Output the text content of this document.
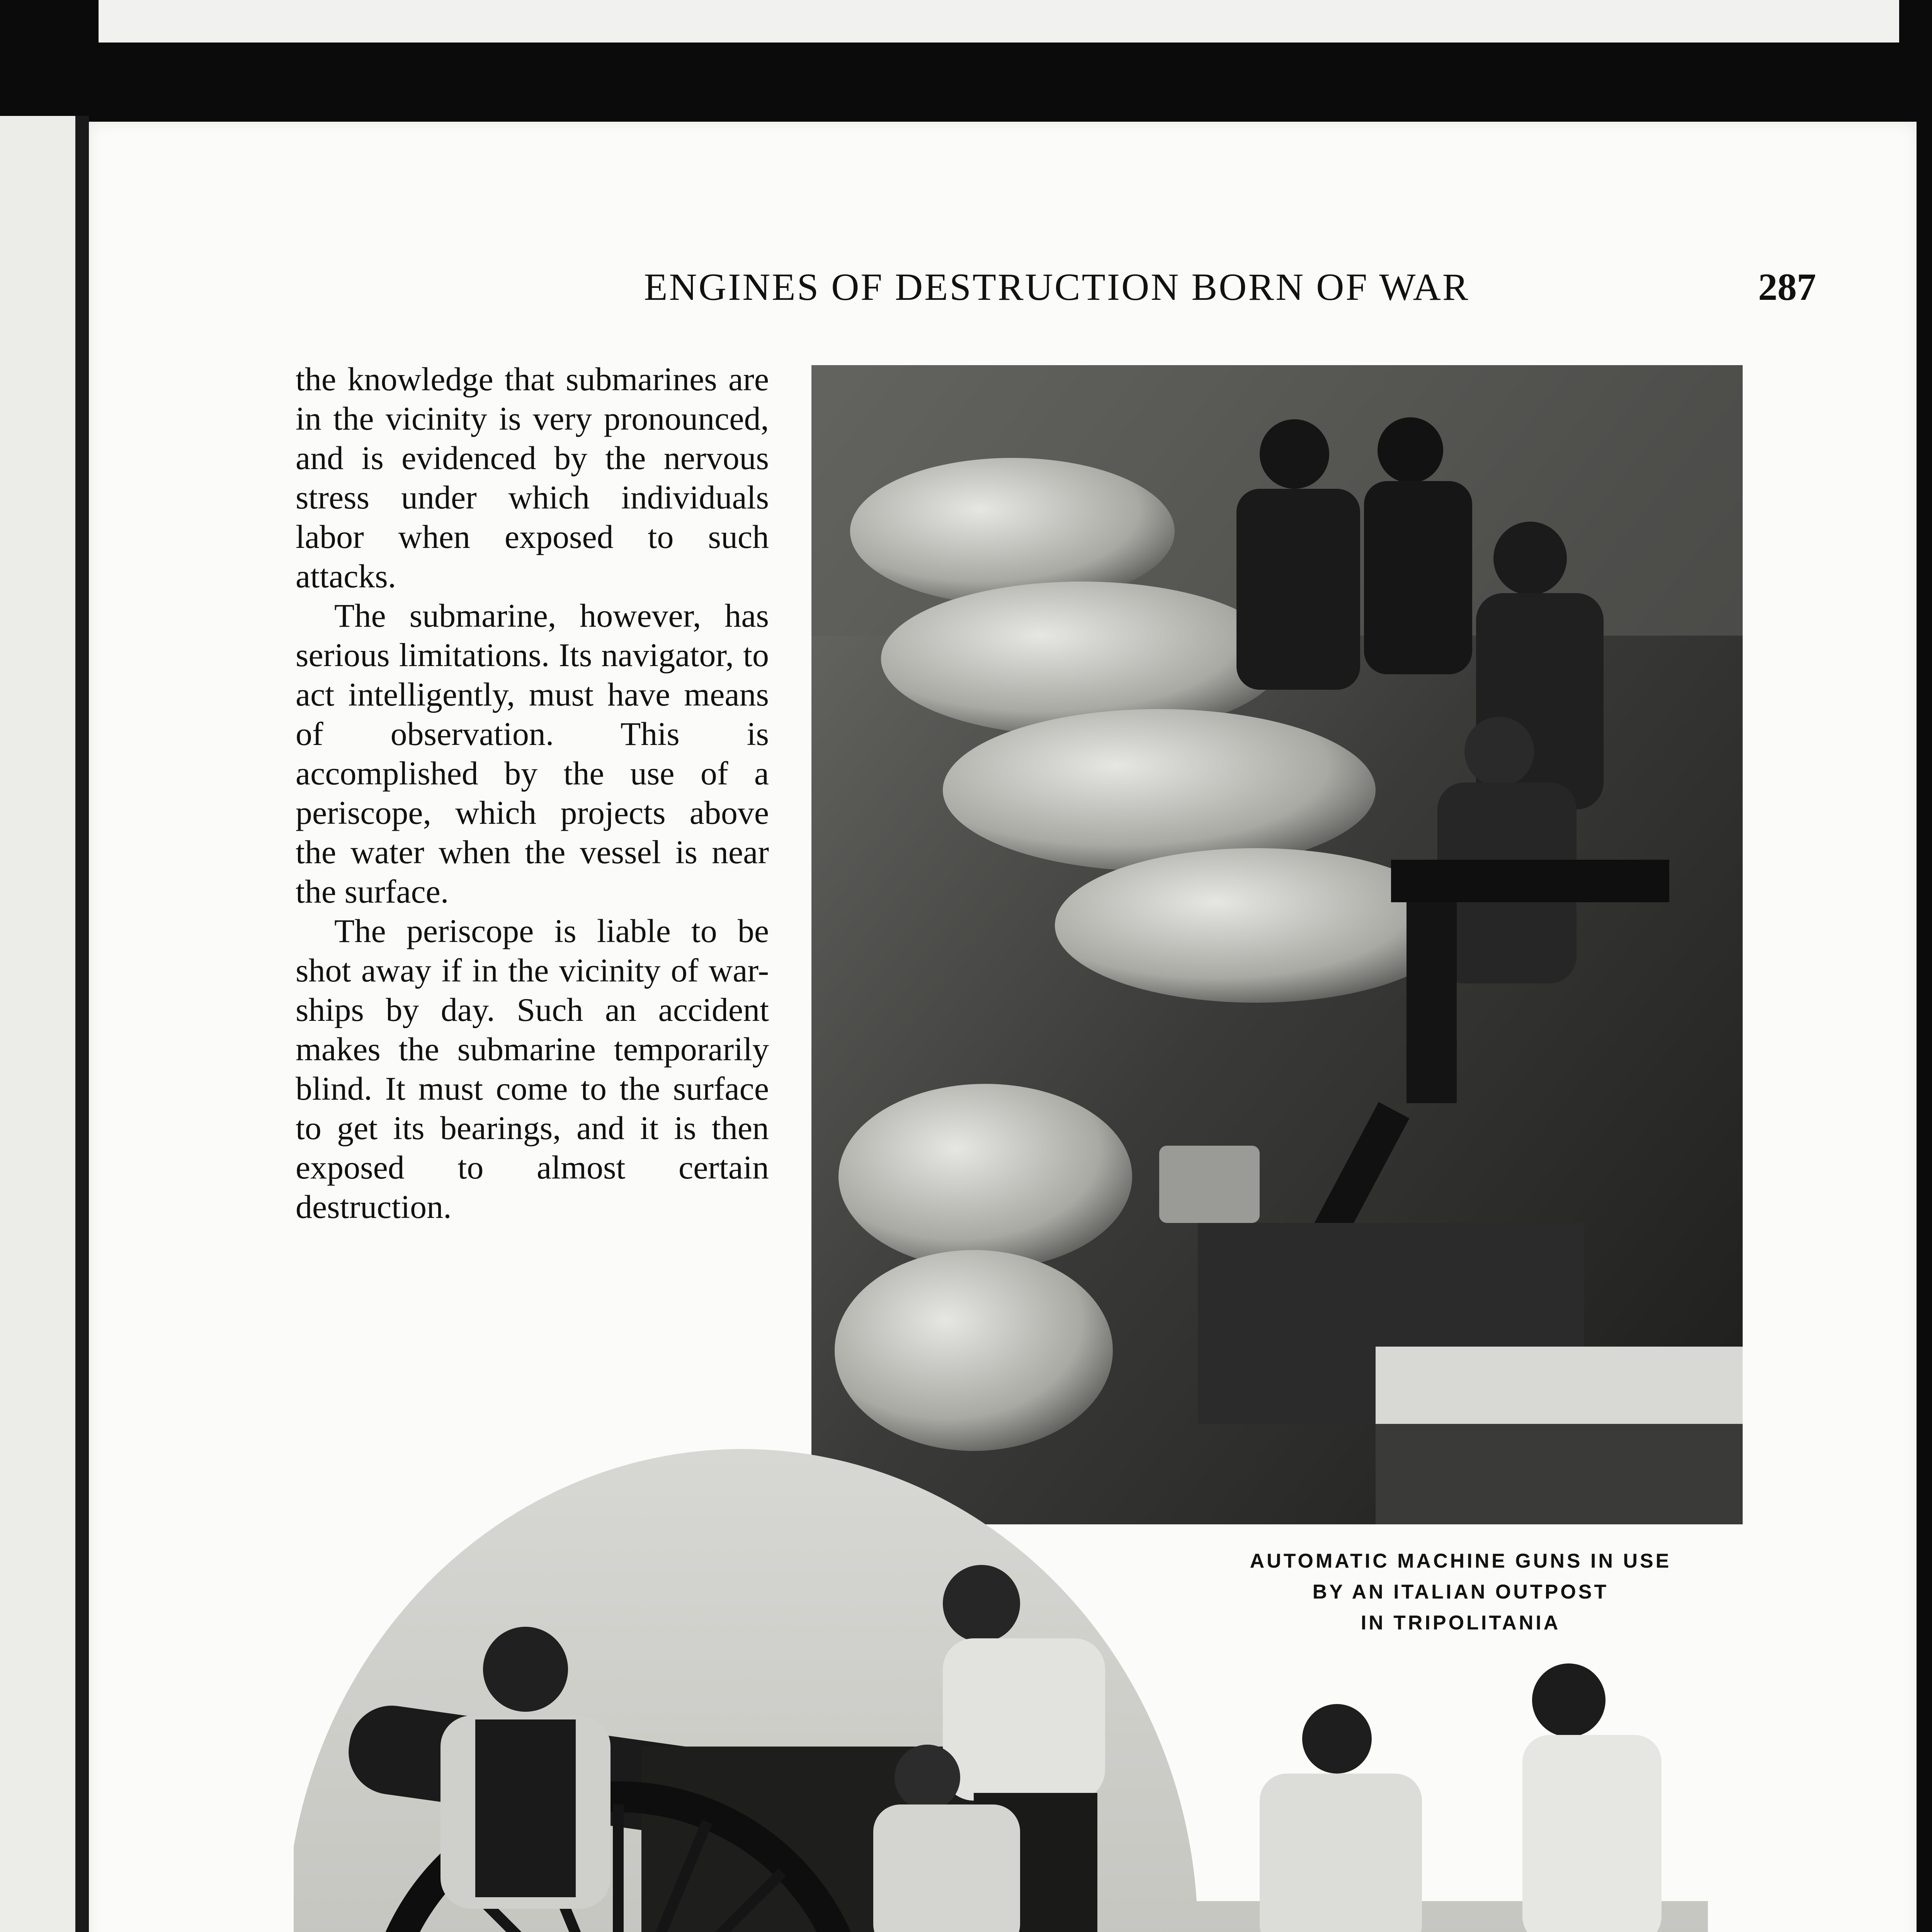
ENGINES OF DESTRUCTION BORN OF WAR	287

the knowledge that submarines are in the vicinity is very pronounced, and is evidenced by the nervous stress under which individuals labor when exposed to such attacks.

The submarine, however, has serious limitations. Its navigator, to act intelligently, must have means of observation. This is accomplished by the use of a periscope, which projects above the water when the vessel is near the surface.

The periscope is liable to be shot away if in the vicinity of war-ships by day. Such an accident makes the submarine temporarily blind. It must come to the surface to get its bearings, and it is then exposed to almost certain destruction.

AUTOMATIC MACHINE GUNS IN USE
BY AN ITALIAN OUTPOST
IN TRIPOLITANIA
